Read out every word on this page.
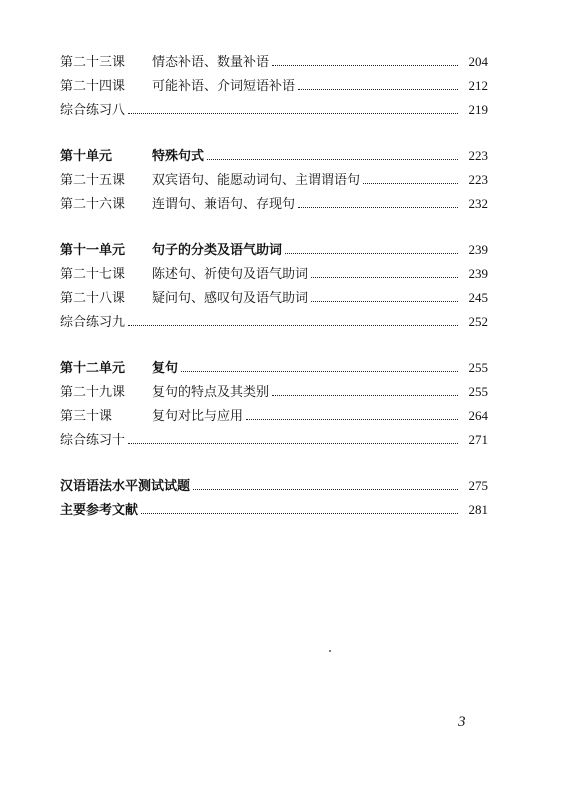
第二十三课	情态补语、数量补语	204
第二十四课	可能补语、介词短语补语	212
综合练习八	219
第十单元	特殊句式	223
第二十五课	双宾语句、能愿动词句、主谓谓语句	223
第二十六课	连谓句、兼语句、存现句	232
第十一单元	句子的分类及语气助词	239
第二十七课	陈述句、祈使句及语气助词	239
第二十八课	疑问句、感叹句及语气助词	245
综合练习九	252
第十二单元	复句	255
第二十九课	复句的特点及其类别	255
第三十课	复句对比与应用	264
综合练习十	271
汉语语法水平测试试题	275
主要参考文献	281
3
